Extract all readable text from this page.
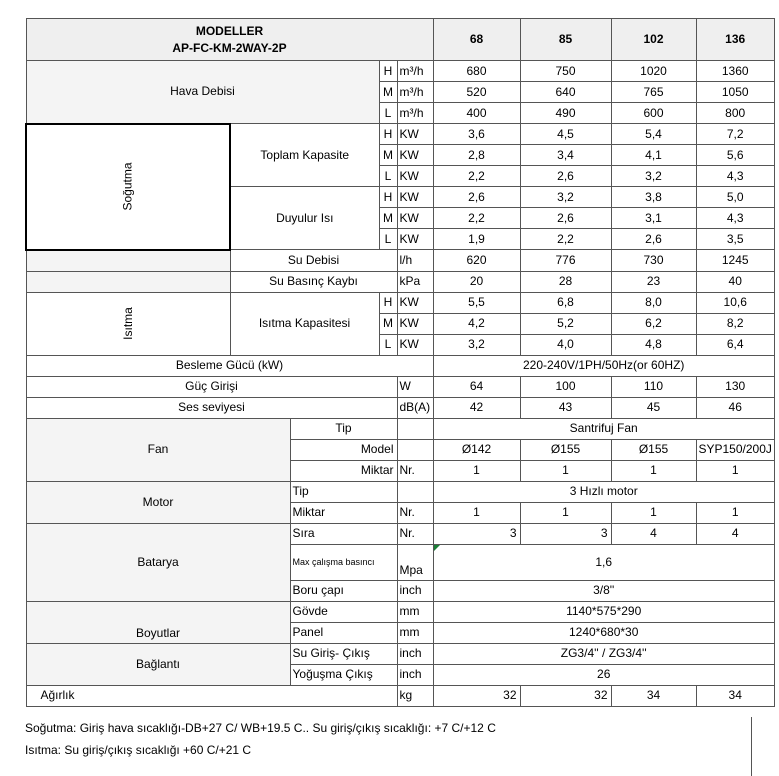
MODELLER
AP-FC-KM-2WAY-2P					68	85	102	136
Hava Debisi			H	m³/h	680	750	1020	1360
			M	m³/h	520	640	765	1050
			L	m³/h	400	490	600	800
Soğutma	Toplam Kapasite		H	KW	3,6	4,5	5,4	7,2
			M	KW	2,8	3,4	4,1	5,6
			L	KW	2,2	2,6	3,2	4,3
	Duyulur Isı		H	KW	2,6	3,2	3,8	5,0
			M	KW	2,2	2,6	3,1	4,3
			L	KW	1,9	2,2	2,6	3,5
	Su Debisi			l/h	620	776	730	1245
	Su Basınç Kaybı			kPa	20	28	23	40
Isıtma	Isıtma Kapasitesi		H	KW	5,5	6,8	8,0	10,6
			M	KW	4,2	5,2	6,2	8,2
			L	KW	3,2	4,0	4,8	6,4
Besleme Gücü (kW)					220-240V/1PH/50Hz(or 60HZ)			
Güç Girişi				W	64	100	110	130
Ses seviyesi				dB(A)	42	43	45	46
Fan		Tip			Santrifuj Fan			
		Model			Ø142	Ø155	Ø155	SYP150/200J
		Miktar		Nr.	1	1	1	1
Motor		Tip			3 Hızlı motor			
		Miktar		Nr.	1	1	1	1
Batarya		Sıra		Nr.	3	3	4	4
		Max çalışma basıncı		Mpa	1,6			
		Boru çapı		inch	3/8''			
Boyutlar		Gövde		mm	1140*575*290			
		Panel		mm	1240*680*30			
Bağlantı		Su Giriş- Çıkış		inch	ZG3/4'' / ZG3/4''			
		Yoğuşma Çıkış		inch	26			
Ağırlık				kg	32	32	34	34
Soğutma: Giriş hava sıcaklığı-DB+27 C/ WB+19.5 C.. Su giriş/çıkış sıcaklığı: +7 C/+12 C
Isıtma: Su giriş/çıkış sıcaklığı +60 C/+21 C
